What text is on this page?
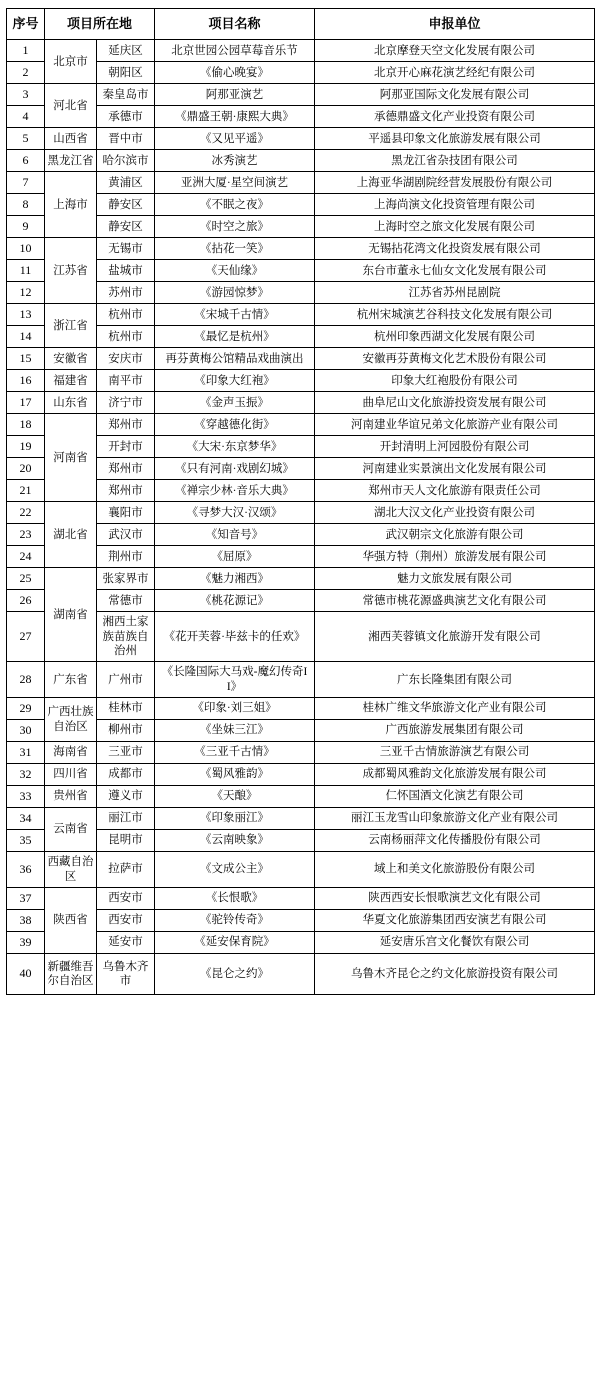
序号	项目所在地		项目名称	申报单位
1	北京市	延庆区	北京世园公园草莓音乐节	北京摩登天空文化发展有限公司
2		朝阳区	《偷心晚宴》	北京开心麻花演艺经纪有限公司
3	河北省	秦皇岛市	阿那亚演艺	阿那亚国际文化发展有限公司
4		承德市	《鼎盛王朝·康熙大典》	承德鼎盛文化产业投资有限公司
5	山西省	晋中市	《又见平遥》	平遥县印象文化旅游发展有限公司
6	黑龙江省	哈尔滨市	冰秀演艺	黑龙江省杂技团有限公司
7	上海市	黄浦区	亚洲大厦·星空间演艺	上海亚华湖剧院经营发展股份有限公司
8		静安区	《不眠之夜》	上海尚演文化投资管理有限公司
9		静安区	《时空之旅》	上海时空之旅文化发展有限公司
10	江苏省	无锡市	《拈花一笑》	无锡拈花湾文化投资发展有限公司
11		盐城市	《天仙缘》	东台市董永七仙女文化发展有限公司
12		苏州市	《游园惊梦》	江苏省苏州昆剧院
13	浙江省	杭州市	《宋城千古情》	杭州宋城演艺谷科技文化发展有限公司
14		杭州市	《最忆是杭州》	杭州印象西湖文化发展有限公司
15	安徽省	安庆市	再芬黄梅公馆精品戏曲演出	安徽再芬黄梅文化艺术股份有限公司
16	福建省	南平市	《印象大红袍》	印象大红袍股份有限公司
17	山东省	济宁市	《金声玉振》	曲阜尼山文化旅游投资发展有限公司
18	河南省	郑州市	《穿越德化街》	河南建业华谊兄弟文化旅游产业有限公司
19		开封市	《大宋·东京梦华》	开封清明上河园股份有限公司
20		郑州市	《只有河南·戏剧幻城》	河南建业实景演出文化发展有限公司
21		郑州市	《禅宗少林·音乐大典》	郑州市天人文化旅游有限责任公司
22	湖北省	襄阳市	《寻梦大汉·汉颂》	湖北大汉文化产业投资有限公司
23		武汉市	《知音号》	武汉朝宗文化旅游有限公司
24		荆州市	《屈原》	华强方特（荆州）旅游发展有限公司
25	湖南省	张家界市	《魅力湘西》	魅力文旅发展有限公司
26		常德市	《桃花源记》	常德市桃花源盛典演艺文化有限公司
27		湘西土家族苗族自治州	《花开芙蓉·毕兹卡的任欢》	湘西芙蓉镇文化旅游开发有限公司
28	广东省	广州市	《长隆国际大马戏-魔幻传奇II》	广东长隆集团有限公司
29	广西壮族自治区	桂林市	《印象·刘三姐》	桂林广维文华旅游文化产业有限公司
30		柳州市	《坐妹三江》	广西旅游发展集团有限公司
31	海南省	三亚市	《三亚千古情》	三亚千古情旅游演艺有限公司
32	四川省	成都市	《蜀风雅韵》	成都蜀风雅韵文化旅游发展有限公司
33	贵州省	遵义市	《天酿》	仁怀国酒文化演艺有限公司
34	云南省	丽江市	《印象丽江》	丽江玉龙雪山印象旅游文化产业有限公司
35		昆明市	《云南映象》	云南杨丽萍文化传播股份有限公司
36	西藏自治区	拉萨市	《文成公主》	域上和美文化旅游股份有限公司
37	陕西省	西安市	《长恨歌》	陕西西安长恨歌演艺文化有限公司
38		西安市	《驼铃传奇》	华夏文化旅游集团西安演艺有限公司
39		延安市	《延安保育院》	延安唐乐宫文化餐饮有限公司
40	新疆维吾尔自治区	乌鲁木齐市	《昆仑之约》	乌鲁木齐昆仑之约文化旅游投资有限公司
